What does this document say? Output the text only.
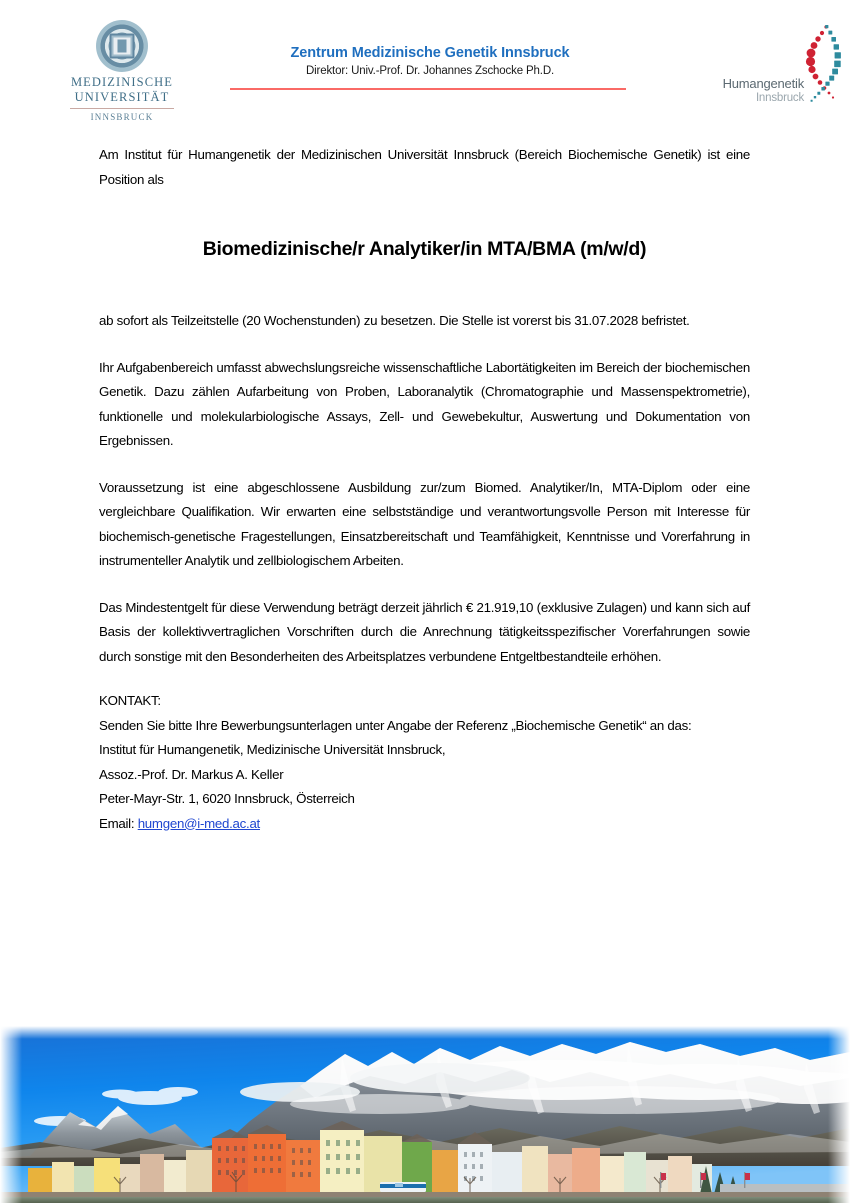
MEDIZINISCHE
UNIVERSITÄT
INNSBRUCK
Zentrum Medizinische Genetik Innsbruck
Direktor: Univ.-Prof. Dr. Johannes Zschocke Ph.D.
Humangenetik
Innsbruck

Am Institut für Humangenetik der Medizinischen Universität Innsbruck (Bereich Biochemische Genetik) ist eine Position als

Biomedizinische/r Analytiker/in MTA/BMA (m/w/d)

ab sofort als Teilzeitstelle (20 Wochenstunden) zu besetzen. Die Stelle ist vorerst bis 31.07.2028 befristet.

Ihr Aufgabenbereich umfasst abwechslungsreiche wissenschaftliche Labortätigkeiten im Bereich der biochemischen Genetik. Dazu zählen Aufarbeitung von Proben, Laboranalytik (Chromatographie und Massenspektrometrie), funktionelle und molekularbiologische Assays, Zell- und Gewebekultur, Auswertung und Dokumentation von Ergebnissen.

Voraussetzung ist eine abgeschlossene Ausbildung zur/zum Biomed. Analytiker/In, MTA-Diplom oder eine vergleichbare Qualifikation. Wir erwarten eine selbstständige und verantwortungsvolle Person mit Interesse für biochemisch-genetische Fragestellungen, Einsatzbereitschaft und Teamfähigkeit, Kenntnisse und Vorerfahrung in instrumenteller Analytik und zellbiologischem Arbeiten.

Das Mindestentgelt für diese Verwendung beträgt derzeit jährlich € 21.919,10 (exklusive Zulagen) und kann sich auf Basis der kollektivvertraglichen Vorschriften durch die Anrechnung tätigkeitsspezifischer Vorerfahrungen sowie durch sonstige mit den Besonderheiten des Arbeitsplatzes verbundene Entgeltbestandteile erhöhen.

KONTAKT:
Senden Sie bitte Ihre Bewerbungsunterlagen unter Angabe der Referenz „Biochemische Genetik“ an das:
Institut für Humangenetik, Medizinische Universität Innsbruck,
Assoz.-Prof. Dr. Markus A. Keller
Peter-Mayr-Str. 1, 6020 Innsbruck, Österreich
Email: humgen@i-med.ac.at
